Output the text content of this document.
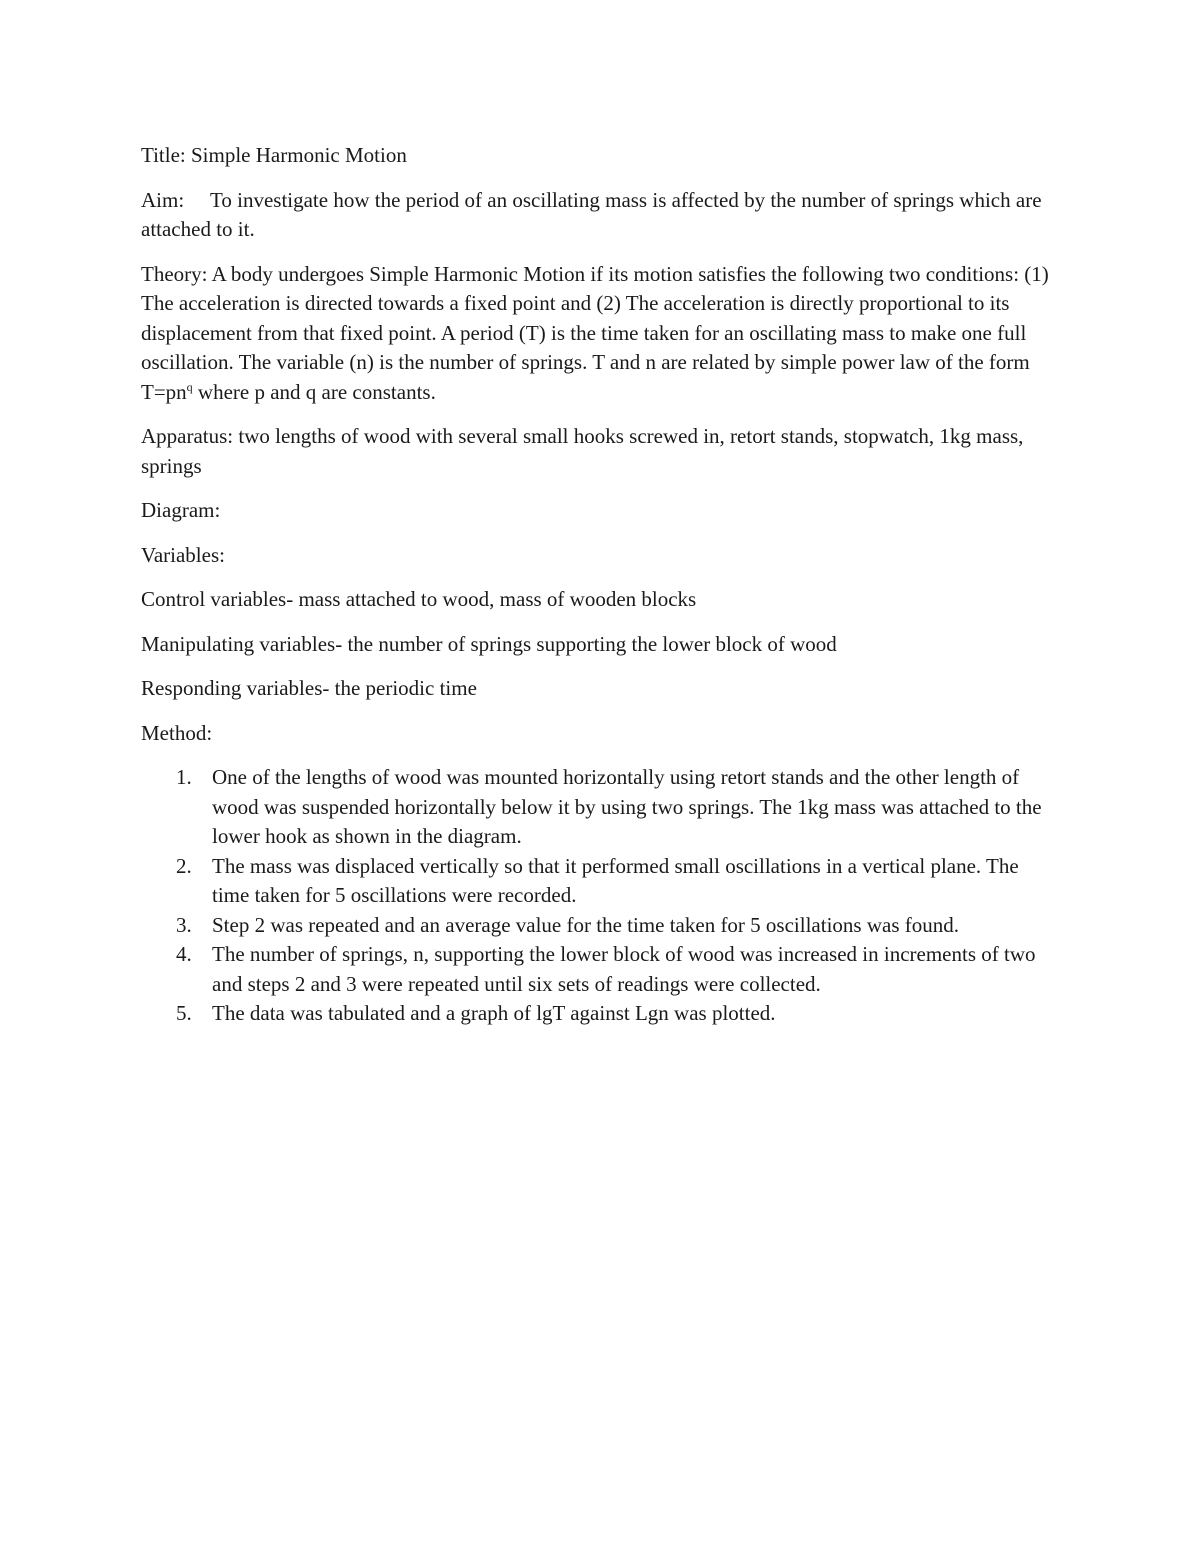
Title: Simple Harmonic Motion

Aim: To investigate how the period of an oscillating mass is affected by the number of springs which are attached to it.

Theory: A body undergoes Simple Harmonic Motion if its motion satisfies the following two conditions: (1) The acceleration is directed towards a fixed point and (2) The acceleration is directly proportional to its displacement from that fixed point. A period (T) is the time taken for an oscillating mass to make one full oscillation. The variable (n) is the number of springs. T and n are related by simple power law of the form $T=pn^q$ where p and q are constants.

Apparatus: two lengths of wood with several small hooks screwed in, retort stands, stopwatch, 1kg mass, springs

Diagram:

Variables:

Control variables- mass attached to wood, mass of wooden blocks

Manipulating variables- the number of springs supporting the lower block of wood

Responding variables- the periodic time

Method:

1. One of the lengths of wood was mounted horizontally using retort stands and the other length of wood was suspended horizontally below it by using two springs. The 1kg mass was attached to the lower hook as shown in the diagram.
2. The mass was displaced vertically so that it performed small oscillations in a vertical plane. The time taken for 5 oscillations were recorded.
3. Step 2 was repeated and an average value for the time taken for 5 oscillations was found.
4. The number of springs, n, supporting the lower block of wood was increased in increments of two and steps 2 and 3 were repeated until six sets of readings were collected.
5. The data was tabulated and a graph of lgT against Lgn was plotted.
